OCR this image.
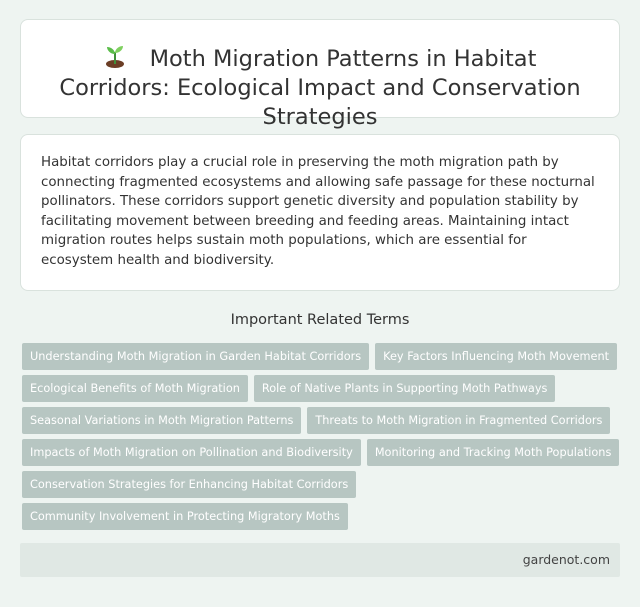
Moth Migration Patterns in Habitat Corridors: Ecological Impact and Conservation Strategies

Habitat corridors play a crucial role in preserving the moth migration path by connecting fragmented ecosystems and allowing safe passage for these nocturnal pollinators. These corridors support genetic diversity and population stability by facilitating movement between breeding and feeding areas. Maintaining intact migration routes helps sustain moth populations, which are essential for ecosystem health and biodiversity.

Important Related Terms
Understanding Moth Migration in Garden Habitat Corridors	Key Factors Influencing Moth Movement
Ecological Benefits of Moth Migration	Role of Native Plants in Supporting Moth Pathways
Seasonal Variations in Moth Migration Patterns	Threats to Moth Migration in Fragmented Corridors
Impacts of Moth Migration on Pollination and Biodiversity	Monitoring and Tracking Moth Populations
Conservation Strategies for Enhancing Habitat Corridors
Community Involvement in Protecting Migratory Moths
gardenot.com
